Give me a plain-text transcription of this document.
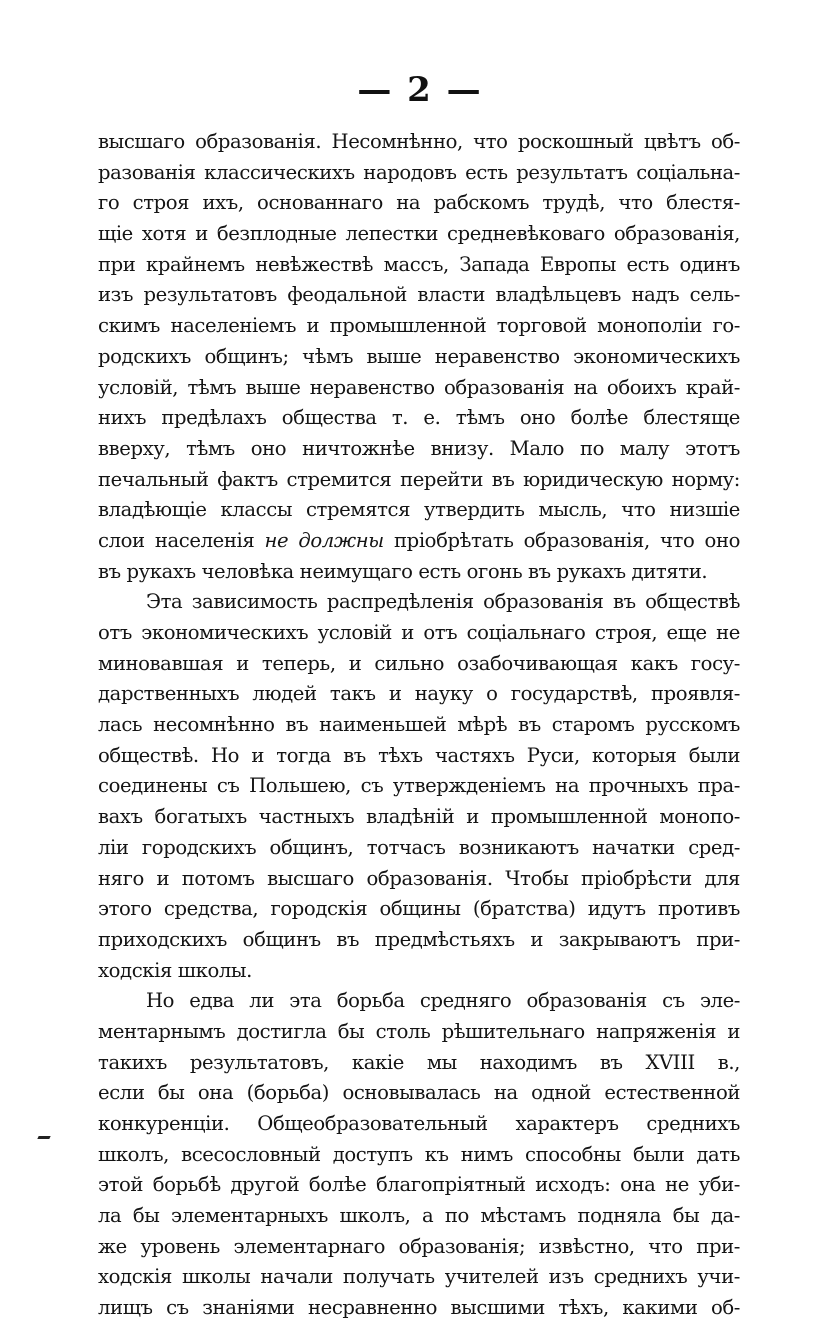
— 2 —
высшаго образованія. Несомнѣнно, что роскошный цвѣтъ об-
разованія классическихъ народовъ есть результатъ соціальна-
го строя ихъ, основаннаго на рабскомъ трудѣ, что блестя-
щіе хотя и безплодные лепестки средневѣковаго образованія,
при крайнемъ невѣжествѣ массъ, Запада Европы есть одинъ
изъ результатовъ феодальной власти владѣльцевъ надъ сель-
скимъ населеніемъ и промышленной торговой монополіи го-
родскихъ общинъ; чѣмъ выше неравенство экономическихъ
условій, тѣмъ выше неравенство образованія на обоихъ край-
нихъ предѣлахъ общества т. е. тѣмъ оно болѣе блестяще
вверху, тѣмъ оно ничтожнѣе внизу. Мало по малу этотъ
печальный фактъ стремится перейти въ юридическую норму:
владѣющіе классы стремятся утвердить мысль, что низшіе
слои населенія не должны пріобрѣтать образованія, что оно
въ рукахъ человѣка неимущаго есть огонь въ рукахъ дитяти.
Эта зависимость распредѣленія образованія въ обществѣ
отъ экономическихъ условій и отъ соціальнаго строя, еще не
миновавшая и теперь, и сильно озабочивающая какъ госу-
дарственныхъ людей такъ и науку о государствѣ, проявля-
лась несомнѣнно въ наименьшей мѣрѣ въ старомъ русскомъ
обществѣ. Но и тогда въ тѣхъ частяхъ Руси, которыя были
соединены съ Польшею, съ утвержденіемъ на прочныхъ пра-
вахъ богатыхъ частныхъ владѣній и промышленной монопо-
ліи городскихъ общинъ, тотчасъ возникаютъ начатки сред-
няго и потомъ высшаго образованія. Чтобы пріобрѣсти для
этого средства, городскія общины (братства) идутъ противъ
приходскихъ общинъ въ предмѣстьяхъ и закрываютъ при-
ходскія школы.
Но едва ли эта борьба средняго образованія съ эле-
ментарнымъ достигла бы столь рѣшительнаго напряженія и
такихъ результатовъ, какіе мы находимъ въ XVIII в.,
если бы она (борьба) основывалась на одной естественной
конкуренціи. Общеобразовательный характеръ среднихъ
школъ, всесословный доступъ къ нимъ способны были дать
этой борьбѣ другой болѣе благопріятный исходъ: она не уби-
ла бы элементарныхъ школъ, а по мѣстамъ подняла бы да-
же уровень элементарнаго образованія; извѣстно, что при-
ходскія школы начали получать учителей изъ среднихъ учи-
лищъ съ знаніями несравненно высшими тѣхъ, какими об-
